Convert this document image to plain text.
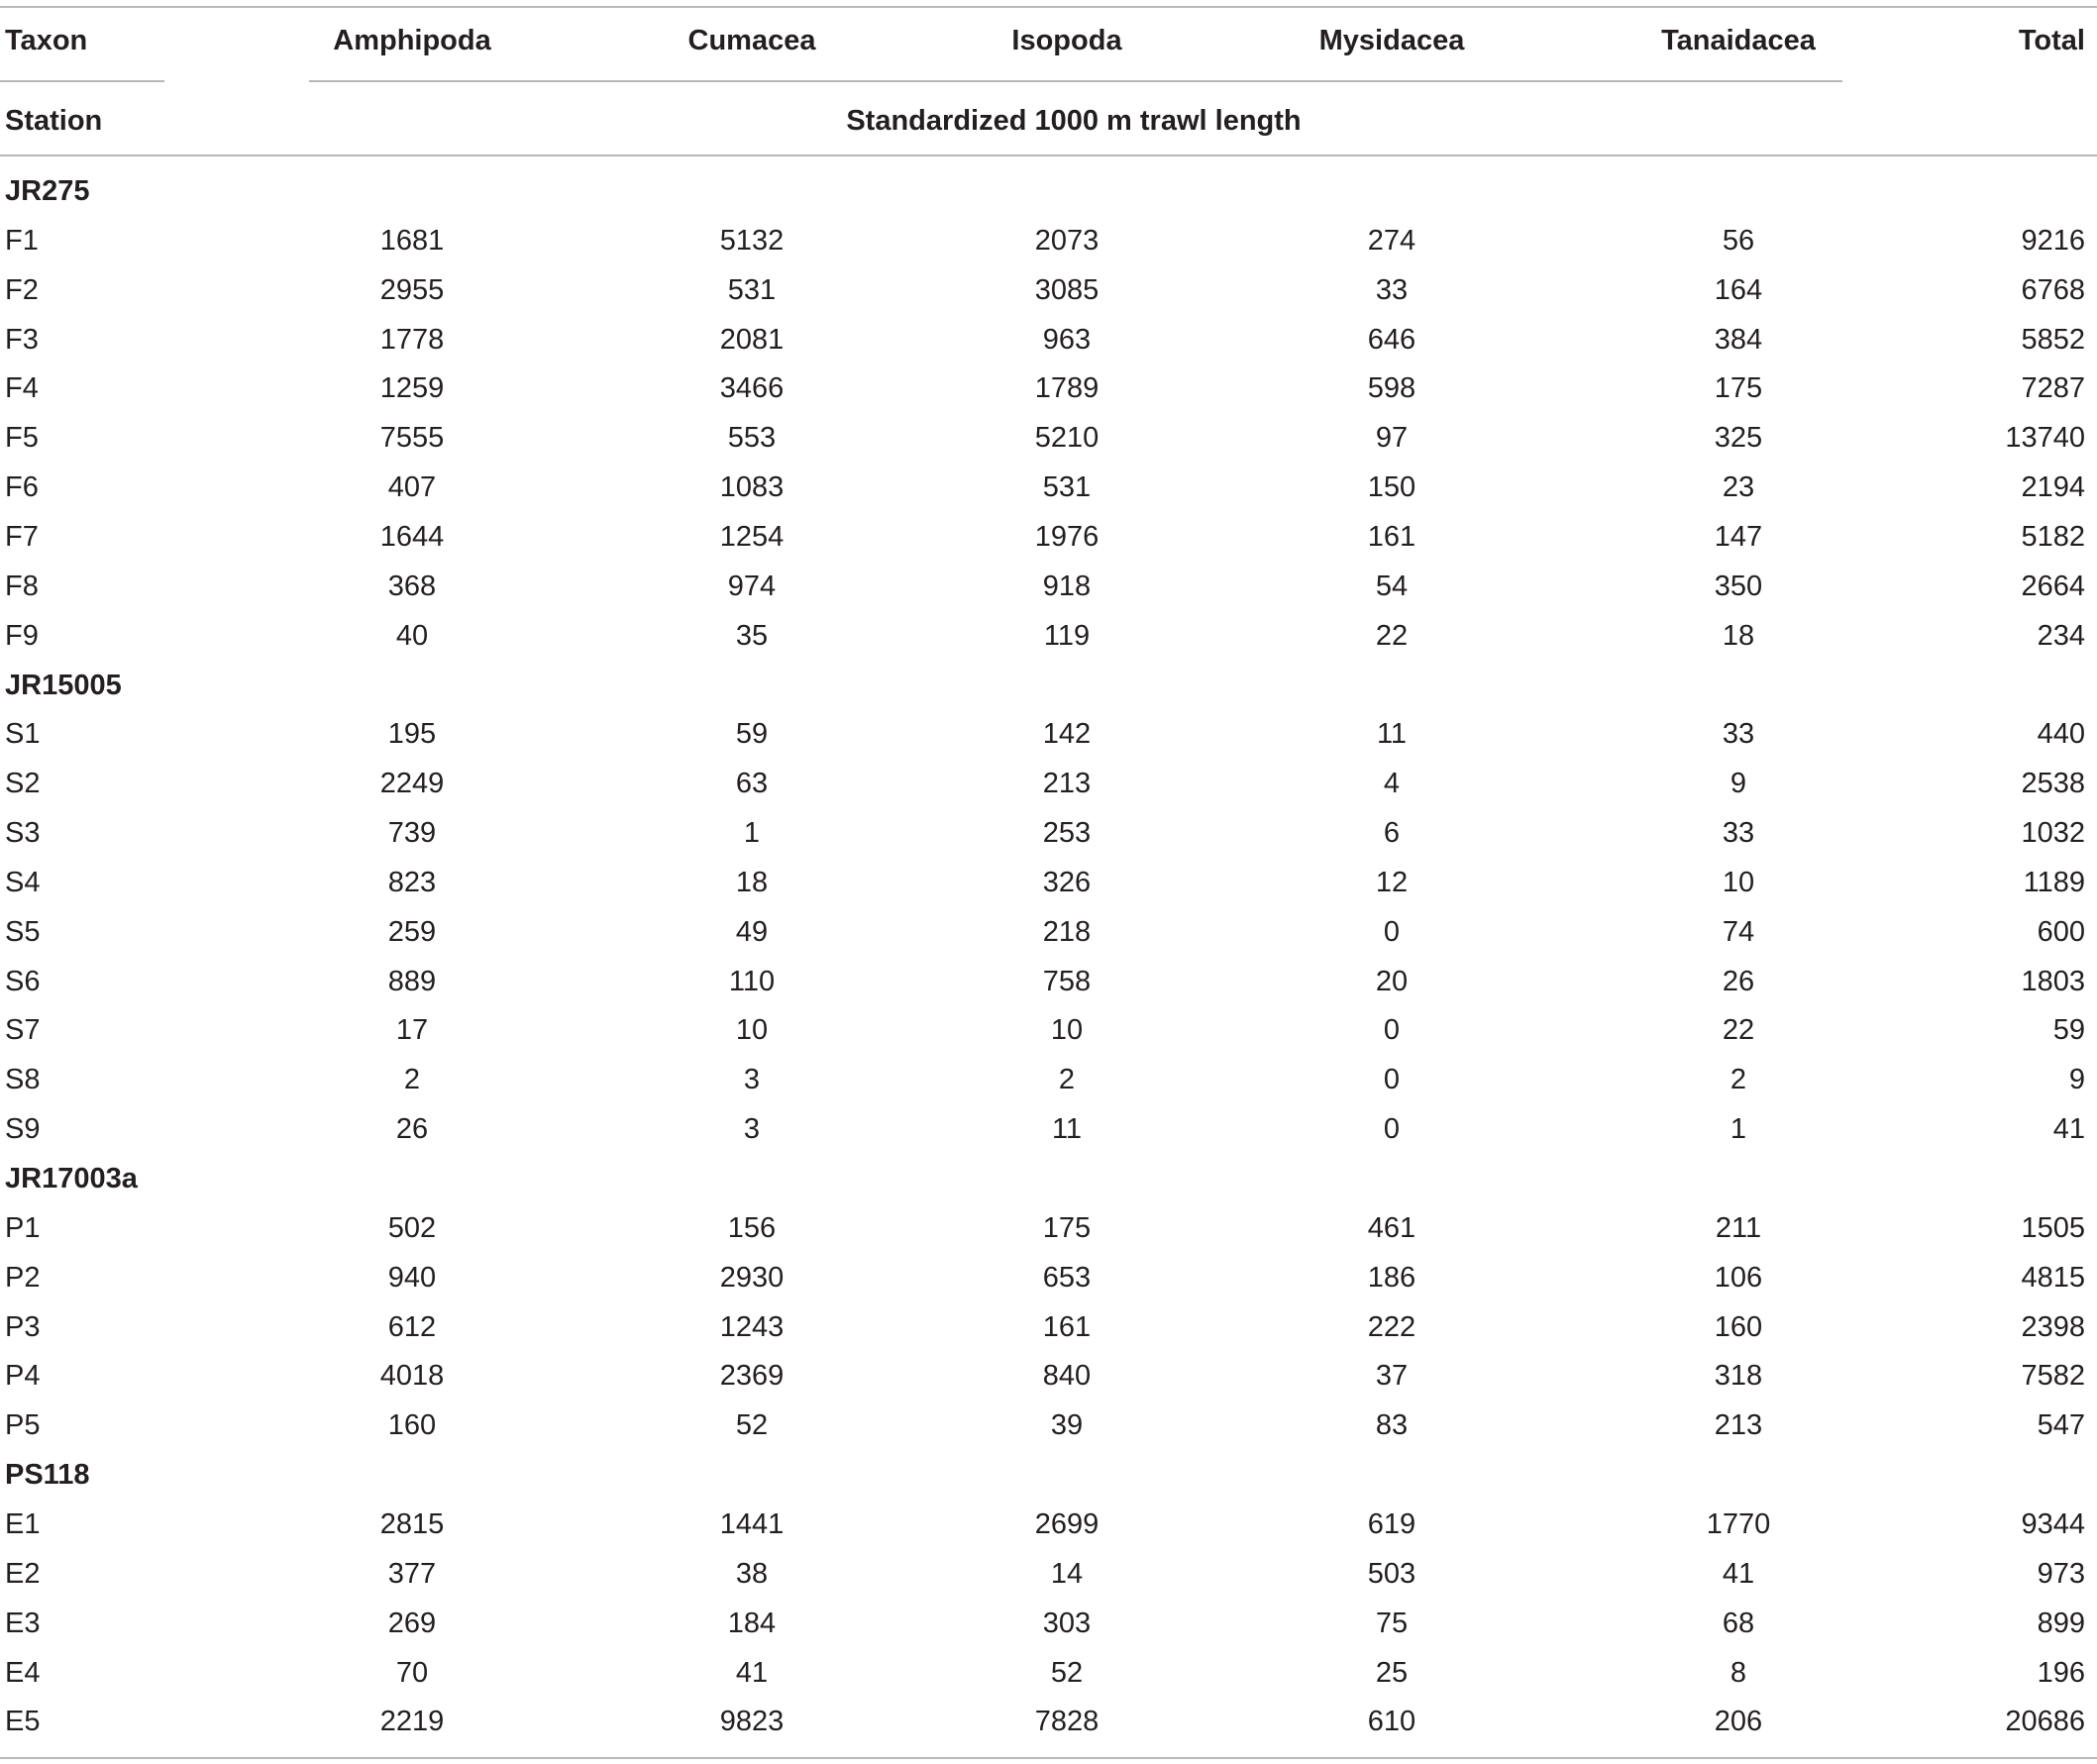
Taxon	Amphipoda	Cumacea	Isopoda	Mysidacea	Tanaidacea	Total
Station	Standardized 1000 m trawl length
JR275
F1	1681	5132	2073	274	56	9216
F2	2955	531	3085	33	164	6768
F3	1778	2081	963	646	384	5852
F4	1259	3466	1789	598	175	7287
F5	7555	553	5210	97	325	13740
F6	407	1083	531	150	23	2194
F7	1644	1254	1976	161	147	5182
F8	368	974	918	54	350	2664
F9	40	35	119	22	18	234
JR15005
S1	195	59	142	11	33	440
S2	2249	63	213	4	9	2538
S3	739	1	253	6	33	1032
S4	823	18	326	12	10	1189
S5	259	49	218	0	74	600
S6	889	110	758	20	26	1803
S7	17	10	10	0	22	59
S8	2	3	2	0	2	9
S9	26	3	11	0	1	41
JR17003a
P1	502	156	175	461	211	1505
P2	940	2930	653	186	106	4815
P3	612	1243	161	222	160	2398
P4	4018	2369	840	37	318	7582
P5	160	52	39	83	213	547
PS118
E1	2815	1441	2699	619	1770	9344
E2	377	38	14	503	41	973
E3	269	184	303	75	68	899
E4	70	41	52	25	8	196
E5	2219	9823	7828	610	206	20686
